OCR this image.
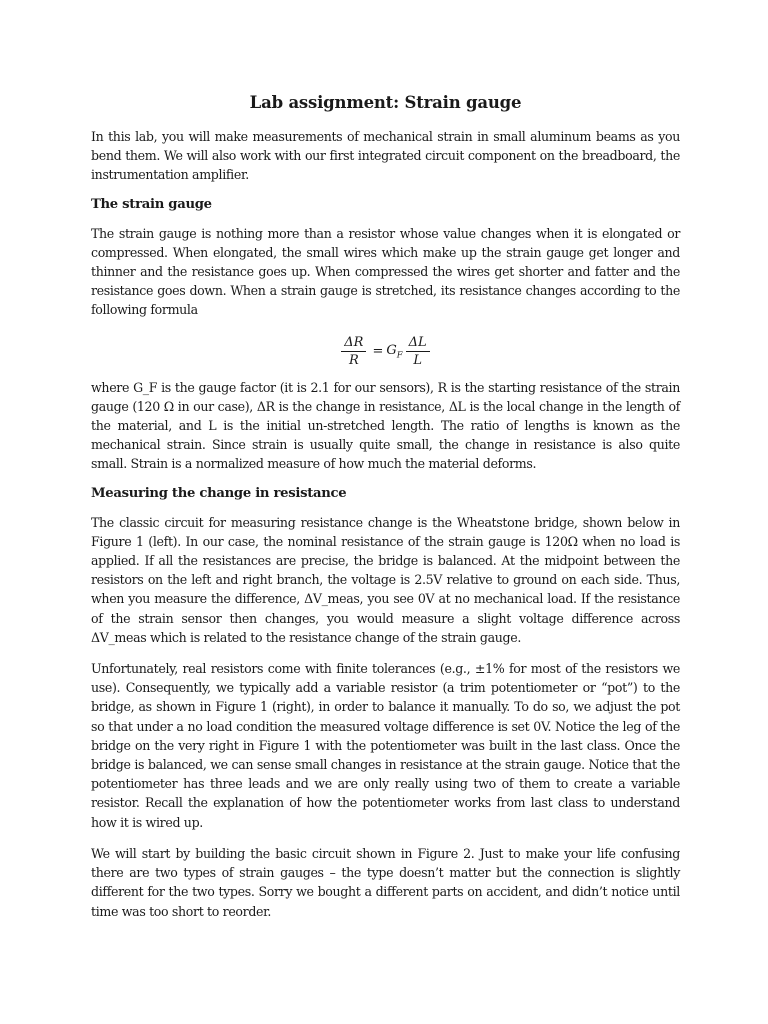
Lab assignment: Strain gauge

In this lab, you will make measurements of mechanical strain in small aluminum beams as you bend them. We will also work with our first integrated circuit component on the breadboard, the instrumentation amplifier.

The strain gauge

The strain gauge is nothing more than a resistor whose value changes when it is elongated or compressed. When elongated, the small wires which make up the strain gauge get longer and thinner and the resistance goes up. When compressed the wires get shorter and fatter and the resistance goes down. When a strain gauge is stretched, its resistance changes according to the following formula

$\frac{\Delta R}{R} = G_F \frac{\Delta L}{L}$

where G_F is the gauge factor (it is 2.1 for our sensors), R is the starting resistance of the strain gauge (120 Ω in our case), ΔR is the change in resistance, ΔL is the local change in the length of the material, and L is the initial un-stretched length. The ratio of lengths is known as the mechanical strain. Since strain is usually quite small, the change in resistance is also quite small. Strain is a normalized measure of how much the material deforms.

Measuring the change in resistance

The classic circuit for measuring resistance change is the Wheatstone bridge, shown below in Figure 1 (left). In our case, the nominal resistance of the strain gauge is 120Ω when no load is applied. If all the resistances are precise, the bridge is balanced. At the midpoint between the resistors on the left and right branch, the voltage is 2.5V relative to ground on each side. Thus, when you measure the difference, ΔV_meas, you see 0V at no mechanical load. If the resistance of the strain sensor then changes, you would measure a slight voltage difference across ΔV_meas which is related to the resistance change of the strain gauge.

Unfortunately, real resistors come with finite tolerances (e.g., ±1% for most of the resistors we use). Consequently, we typically add a variable resistor (a trim potentiometer or “pot”) to the bridge, as shown in Figure 1 (right), in order to balance it manually. To do so, we adjust the pot so that under a no load condition the measured voltage difference is set 0V. Notice the leg of the bridge on the very right in Figure 1 with the potentiometer was built in the last class. Once the bridge is balanced, we can sense small changes in resistance at the strain gauge. Notice that the potentiometer has three leads and we are only really using two of them to create a variable resistor. Recall the explanation of how the potentiometer works from last class to understand how it is wired up.

We will start by building the basic circuit shown in Figure 2. Just to make your life confusing there are two types of strain gauges – the type doesn’t matter but the connection is slightly different for the two types. Sorry we bought a different parts on accident, and didn’t notice until time was too short to reorder.
